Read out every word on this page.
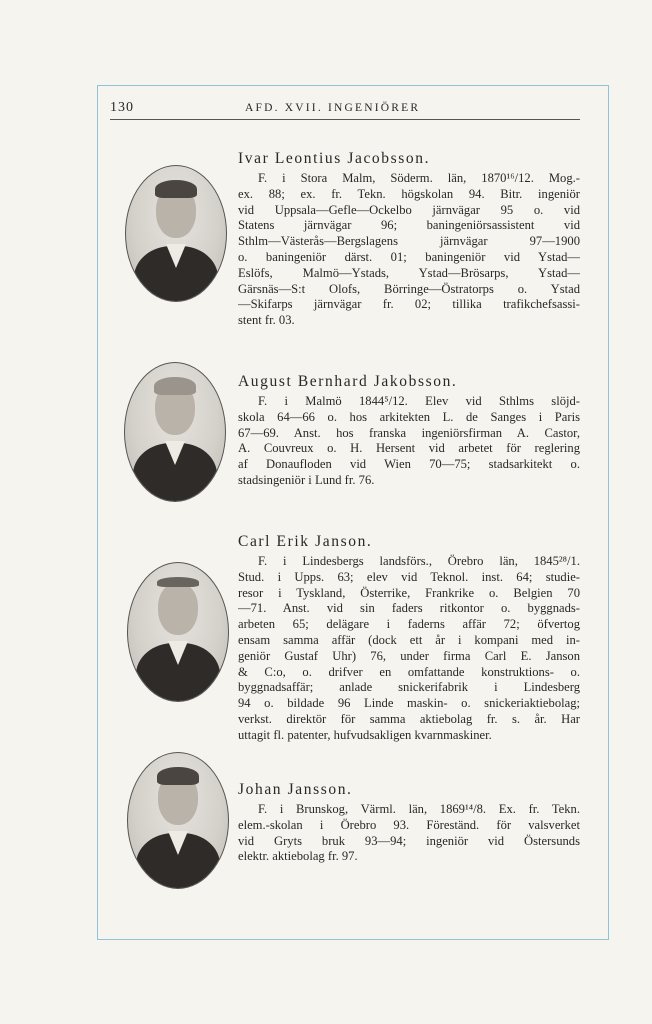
130	AFD. XVII. INGENIÖRER
Ivar Leontius Jacobsson.
F. i Stora Malm, Söderm. län, 1870¹⁶/12. Mog.-
ex. 88; ex. fr. Tekn. högskolan 94. Bitr. ingeniör
vid Uppsala—Gefle—Ockelbo järnvägar 95 o. vid
Statens järnvägar 96; baningeniörsassistent vid
Sthlm—Västerås—Bergslagens järnvägar 97—1900
o. baningeniör därst. 01; baningeniör vid Ystad—
Eslöfs, Malmö—Ystads, Ystad—Brösarps, Ystad—
Gärsnäs—S:t Olofs, Börringe—Östratorps o. Ystad
—Skifarps järnvägar fr. 02; tillika trafikchefsassi-
stent fr. 03.
August Bernhard Jakobsson.
F. i Malmö 1844⁵/12. Elev vid Sthlms slöjd-
skola 64—66 o. hos arkitekten L. de Sanges i Paris
67—69. Anst. hos franska ingeniörsfirman A. Castor,
A. Couvreux o. H. Hersent vid arbetet för reglering
af Donaufloden vid Wien 70—75; stadsarkitekt o.
stadsingeniör i Lund fr. 76.
Carl Erik Janson.
F. i Lindesbergs landsförs., Örebro län, 1845²⁸/1.
Stud. i Upps. 63; elev vid Teknol. inst. 64; studie-
resor i Tyskland, Österrike, Frankrike o. Belgien 70
—71. Anst. vid sin faders ritkontor o. byggnads-
arbeten 65; delägare i faderns affär 72; öfvertog
ensam samma affär (dock ett år i kompani med in-
geniör Gustaf Uhr) 76, under firma Carl E. Janson
& C:o, o. drifver en omfattande konstruktions- o.
byggnadsaffär; anlade snickerifabrik i Lindesberg
94 o. bildade 96 Linde maskin- o. snickeriaktiebolag;
verkst. direktör för samma aktiebolag fr. s. år. Har
uttagit fl. patenter, hufvudsakligen kvarnmaskiner.
Johan Jansson.
F. i Brunskog, Värml. län, 1869¹⁴/8. Ex. fr. Tekn.
elem.-skolan i Örebro 93. Föreständ. för valsverket
vid Gryts bruk 93—94; ingeniör vid Östersunds
elektr. aktiebolag fr. 97.
